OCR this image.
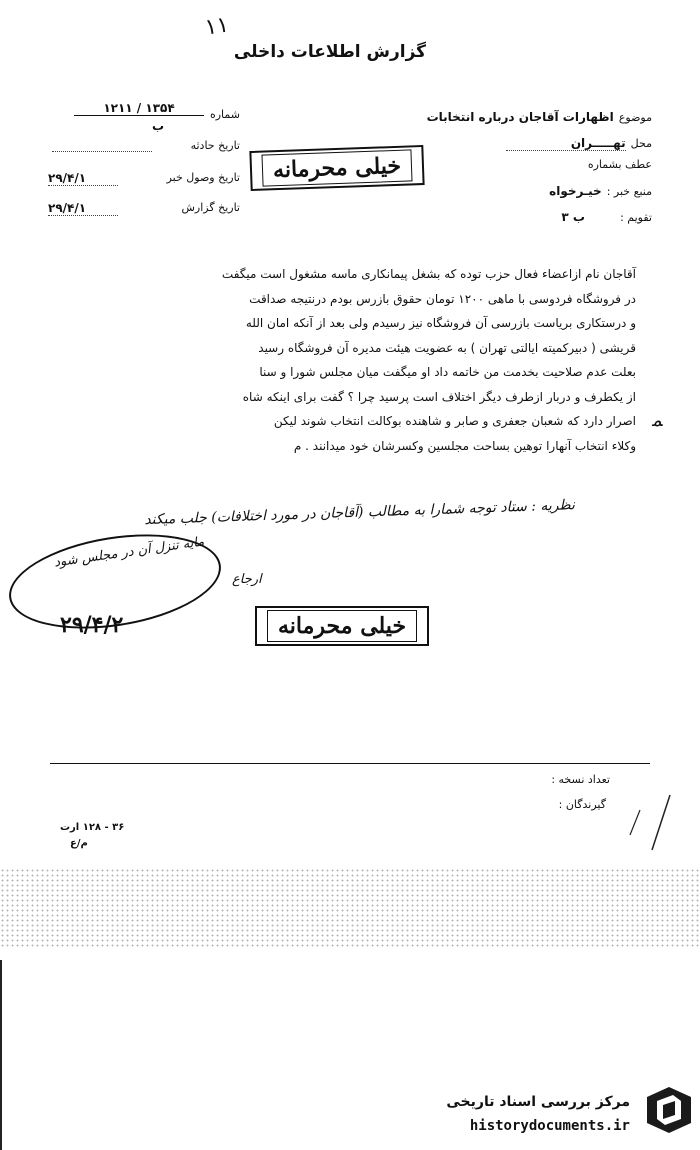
۱۱
گزارش اطلاعات داخلی
شماره
۱۲۱۱ / ۱۳۵۴
ب
تاریخ حادثه
تاریخ وصول خبر
۲۹/۴/۱
تاریخ گزارش
۲۹/۴/۱
موضوع اظهارات آقاجان درباره انتخابات
محل تهـــــران
عطف بشماره
منبع خبر : خیـرخواه
تقویم : ب ۳
خیلی محرمانه

آقاجان نام ازاعضاء فعال حزب توده که بشغل پیمانکاری ماسه مشغول است میگفت

در فروشگاه فردوسی با ماهی ۱۲۰۰ تومان حقوق بازرس بودم درنتیجه صداقت

و درستکاری بریاست بازرسی آن فروشگاه نیز رسیدم ولی بعد از آنکه امان الله

قریشی ( دبیرکمیته ایالتی تهران ) به عضویت هیئت مدیره آن فروشگاه رسید

بعلت عدم صلاحیت بخدمت من خاتمه داد او میگفت میان مجلس شورا و سنا

از یکطرف و دربار ازطرف دیگر اختلاف است پرسید چرا ؟ گفت برای اینکه شاه

اصرار دارد که شعبان جعفری و صابر و شاهنده بوکالت انتخاب شوند لیکن

وکلاء انتخاب آنهارا توهین بساحت مجلسین وکسرشان خود میدانند . م

ﻤ
نظریه : ستاد توجه شمارا به مطالب (آقاجان در مورد اختلافات) جلب میکند
مایه تنزل آن در مجلس شود
۲۹/۴/۲
ارجاع
خیلی محرمانه
تعداد نسخه :
گیرندگان :
۳۶ - ۱۲۸ ارت
م/ع
مرکز بررسی اسناد تاریخی
historydocuments.ir
